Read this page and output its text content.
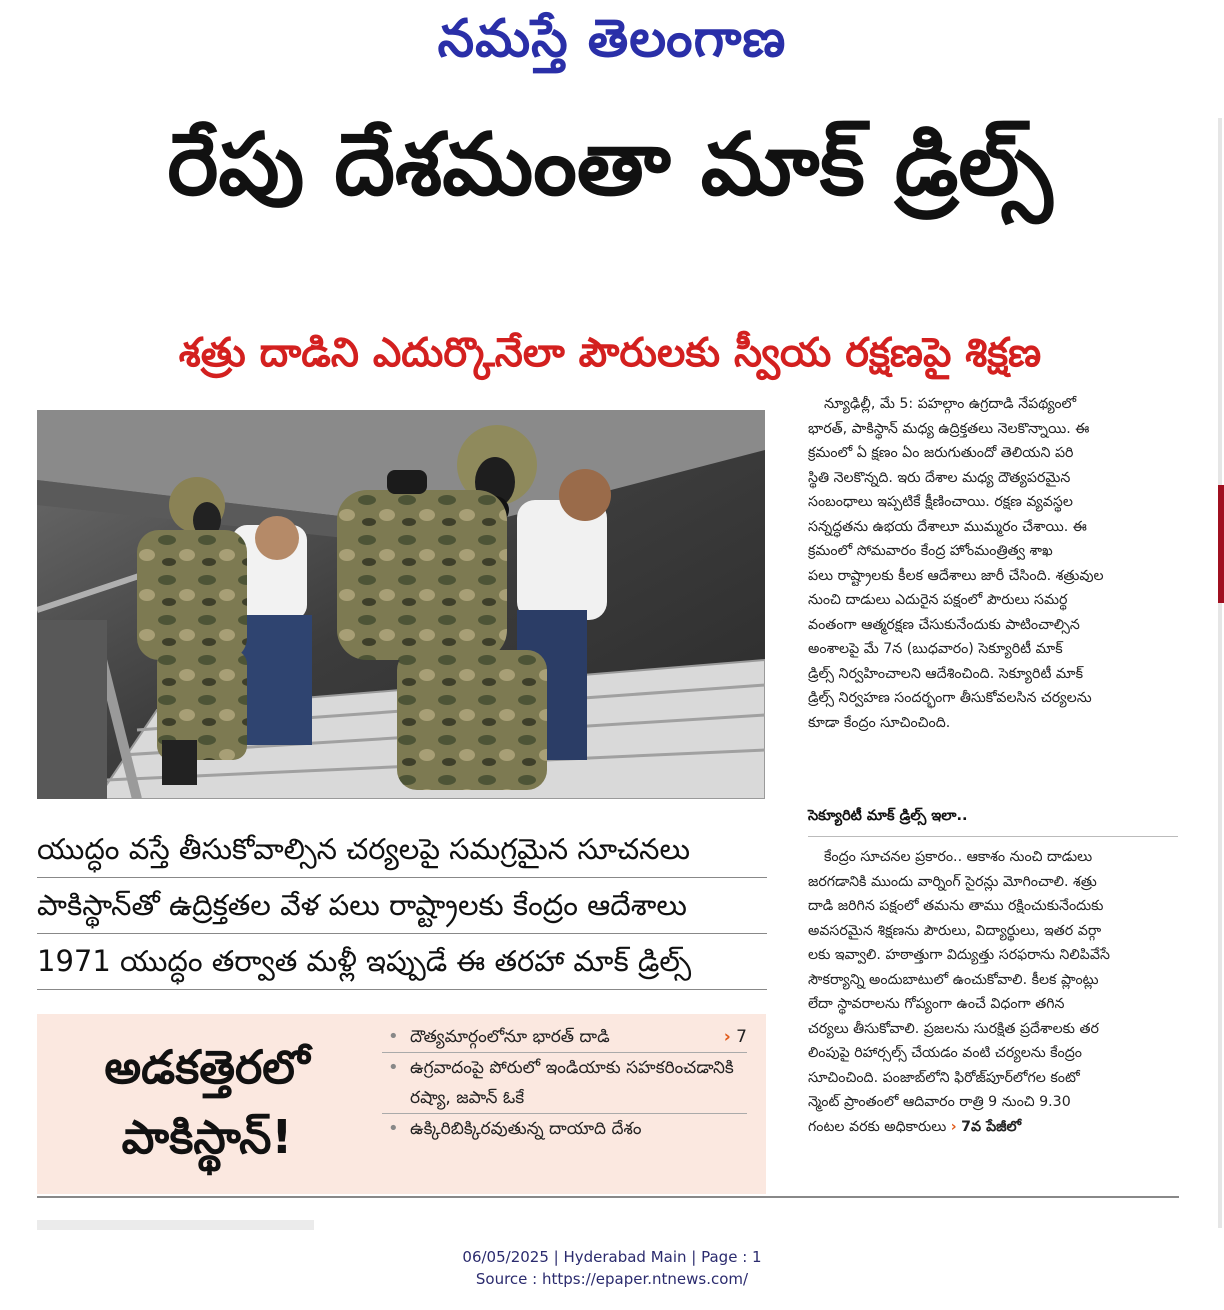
నమస్తే తెలంగాణ
రేపు దేశమంతా మాక్ డ్రిల్స్
శత్రు దాడిని ఎదుర్కొనేలా పౌరులకు స్వీయ రక్షణపై శిక్షణ
న్యూఢిల్లీ, మే 5: పహల్గాం ఉగ్రదాడి నేపథ్యంలో
భారత్, పాకిస్థాన్ మధ్య ఉద్రిక్తతలు నెలకొన్నాయి. ఈ
క్రమంలో ఏ క్షణం ఏం జరుగుతుందో తెలియని పరి
స్థితి నెలకొన్నది. ఇరు దేశాల మధ్య దౌత్యపరమైన
సంబంధాలు ఇప్పటికే క్షీణించాయి. రక్షణ వ్యవస్థల
సన్నద్ధతను ఉభయ దేశాలూ ముమ్మరం చేశాయి. ఈ
క్రమంలో సోమవారం కేంద్ర హోంమంత్రిత్వ శాఖ
పలు రాష్ట్రాలకు కీలక ఆదేశాలు జారీ చేసింది. శత్రువుల
నుంచి దాడులు ఎదురైన పక్షంలో పౌరులు సమర్థ
వంతంగా ఆత్మరక్షణ చేసుకునేందుకు పాటించాల్సిన
అంశాలపై మే 7న (బుధవారం) సెక్యూరిటీ మాక్
డ్రిల్స్ నిర్వహించాలని ఆదేశించింది. సెక్యూరిటీ మాక్
డ్రిల్స్ నిర్వహణ సందర్భంగా తీసుకోవలసిన చర్యలను
కూడా కేంద్రం సూచించింది.
సెక్యూరిటీ మాక్ డ్రిల్స్ ఇలా..
కేంద్రం సూచనల ప్రకారం.. ఆకాశం నుంచి దాడులు
జరగడానికి ముందు వార్నింగ్ సైరన్లు మోగించాలి. శత్రు
దాడి జరిగిన పక్షంలో తమను తాము రక్షించుకునేందుకు
అవసరమైన శిక్షణను పౌరులు, విద్యార్థులు, ఇతర వర్గా
లకు ఇవ్వాలి. హఠాత్తుగా విద్యుత్తు సరఫరాను నిలిపివేసే
సౌకర్యాన్ని అందుబాటులో ఉంచుకోవాలి. కీలక ప్లాంట్లు
లేదా స్థావరాలను గోప్యంగా ఉంచే విధంగా తగిన
చర్యలు తీసుకోవాలి. ప్రజలను సురక్షిత ప్రదేశాలకు తర
లింపుపై రిహార్సల్స్ చేయడం వంటి చర్యలను కేంద్రం
సూచించింది. పంజాబ్‌లోని ఫిరోజ్‌పూర్‌లోగల కంటో
న్మెంట్ ప్రాంతంలో ఆదివారం రాత్రి 9 నుంచి 9.30
గంటల వరకు అధికారులు › 7వ పేజీలో
యుద్ధం వస్తే తీసుకోవాల్సిన చర్యలపై సమగ్రమైన సూచనలు
పాకిస్థాన్‌తో ఉద్రిక్తతల వేళ పలు రాష్ట్రాలకు కేంద్రం ఆదేశాలు
1971 యుద్ధం తర్వాత మళ్లీ ఇప్పుడే ఈ తరహా మాక్ డ్రిల్స్
అడకత్తెరలో
పాకిస్థాన్!
• దౌత్యమార్గంలోనూ భారత్ దాడి	› 7
• ఉగ్రవాదంపై పోరులో ఇండియాకు సహకరించడానికి రష్యా, జపాన్ ఓకే
• ఉక్కిరిబిక్కిరవుతున్న దాయాది దేశం
06/05/2025 | Hyderabad Main | Page : 1
Source : https://epaper.ntnews.com/
